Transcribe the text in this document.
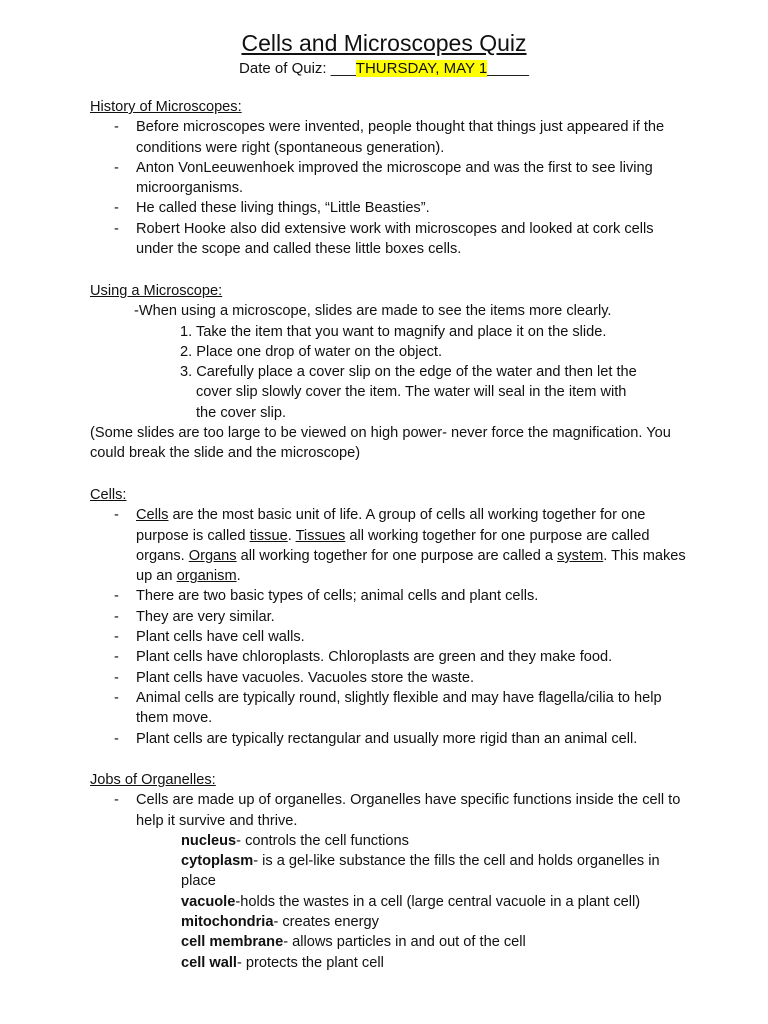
Cells and Microscopes Quiz
Date of Quiz: ___THURSDAY, MAY 1_____
History of Microscopes:
- Before microscopes were invented, people thought that things just appeared if the conditions were right (spontaneous generation).
- Anton VonLeeuwenhoek improved the microscope and was the first to see living microorganisms.
- He called these living things, “Little Beasties”.
- Robert Hooke also did extensive work with microscopes and looked at cork cells under the scope and called these little boxes cells.
Using a Microscope:
-When using a microscope, slides are made to see the items more clearly.
1. Take the item that you want to magnify and place it on the slide.
2. Place one drop of water on the object.
3. Carefully place a cover slip on the edge of the water and then let the
cover slip slowly cover the item. The water will seal in the item with
the cover slip.
(Some slides are too large to be viewed on high power- never force the magnification. You could break the slide and the microscope)
Cells:
- Cells are the most basic unit of life. A group of cells all working together for one purpose is called tissue. Tissues all working together for one purpose are called organs. Organs all working together for one purpose are called a system. This makes up an organism.
- There are two basic types of cells; animal cells and plant cells.
- They are very similar.
- Plant cells have cell walls.
- Plant cells have chloroplasts. Chloroplasts are green and they make food.
- Plant cells have vacuoles. Vacuoles store the waste.
- Animal cells are typically round, slightly flexible and may have flagella/cilia to help them move.
- Plant cells are typically rectangular and usually more rigid than an animal cell.
Jobs of Organelles:
- Cells are made up of organelles. Organelles have specific functions inside the cell to help it survive and thrive.
nucleus- controls the cell functions
cytoplasm- is a gel-like substance the fills the cell and holds organelles in place
vacuole-holds the wastes in a cell (large central vacuole in a plant cell)
mitochondria- creates energy
cell membrane- allows particles in and out of the cell
cell wall- protects the plant cell
